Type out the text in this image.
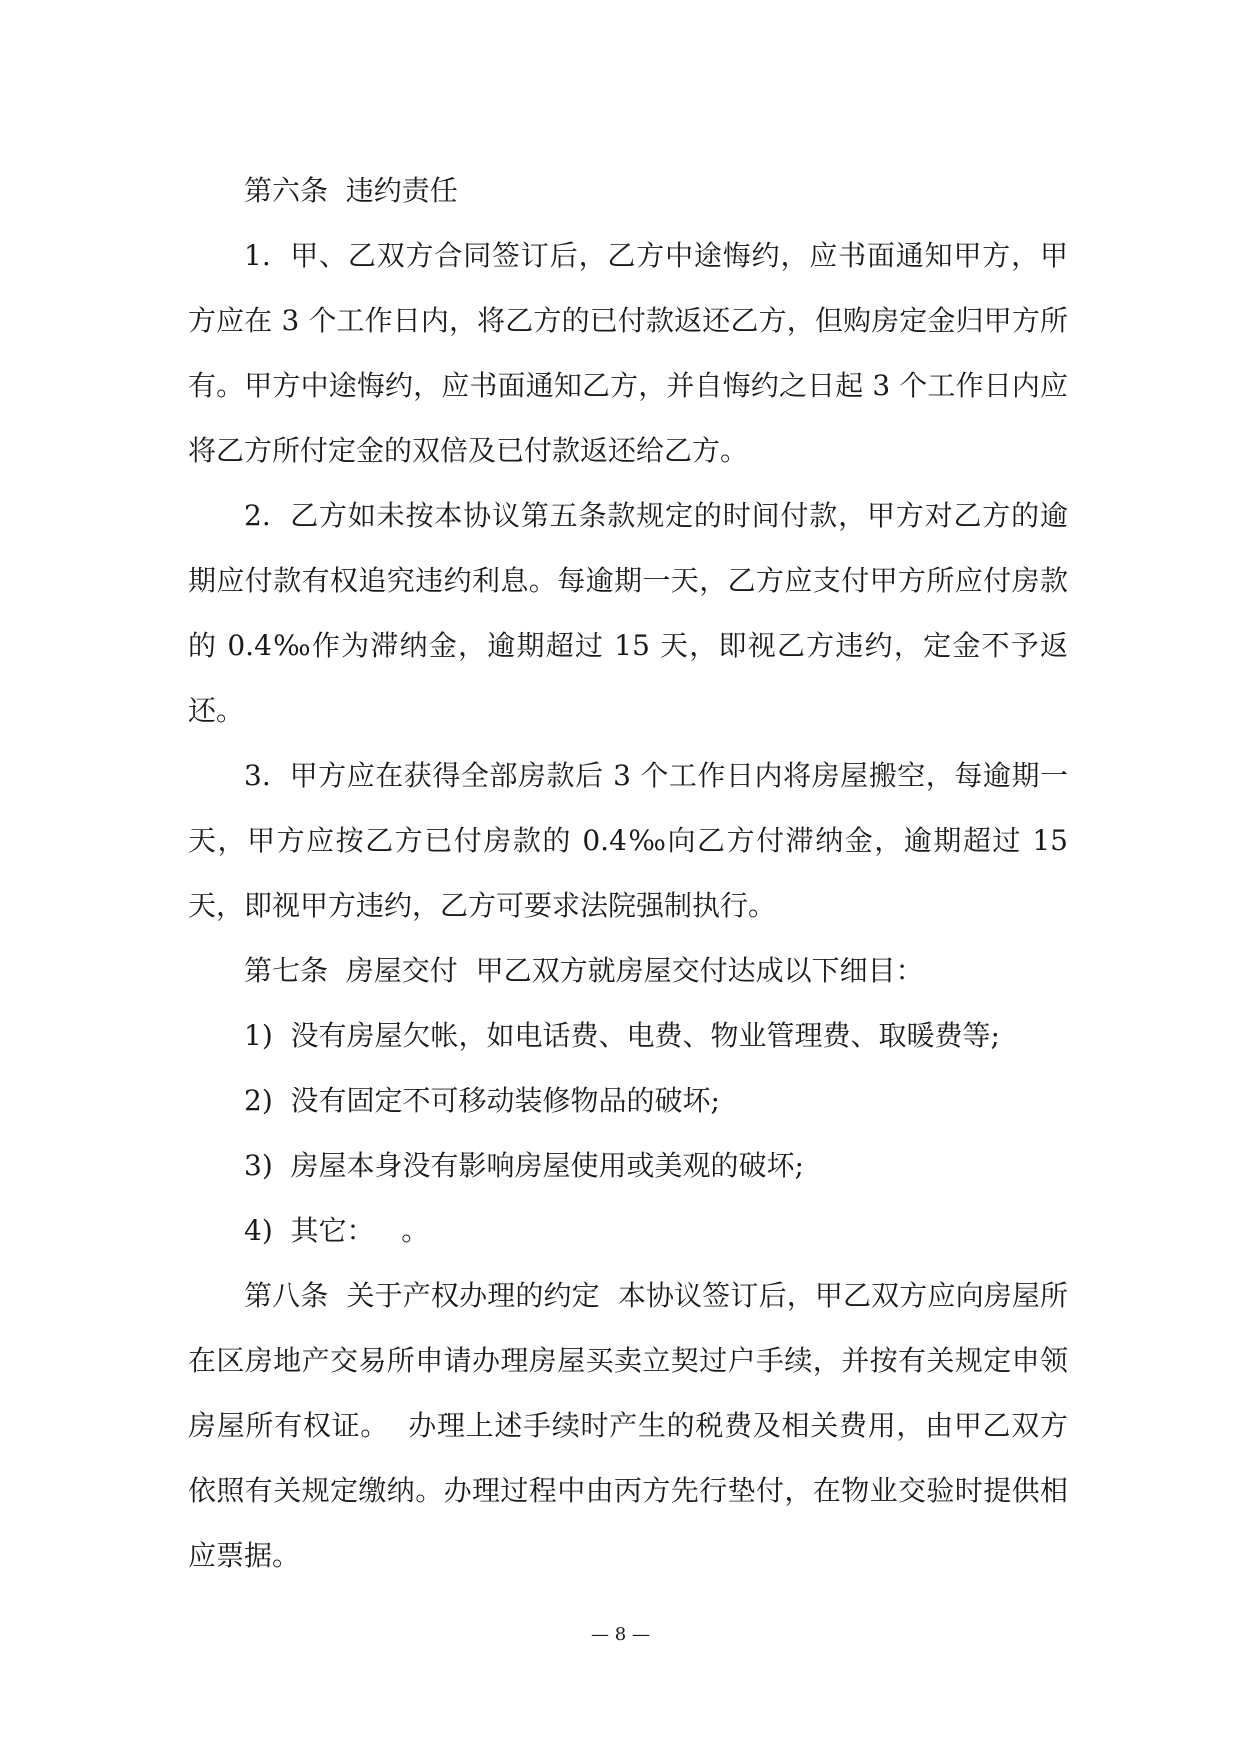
第六条  违约责任

1.  甲、乙双方合同签订后，乙方中途悔约，应书面通知甲方，甲方应在 3 个工作日内，将乙方的已付款返还乙方，但购房定金归甲方所有。甲方中途悔约，应书面通知乙方，并自悔约之日起 3 个工作日内应将乙方所付定金的双倍及已付款返还给乙方。

2.  乙方如未按本协议第五条款规定的时间付款，甲方对乙方的逾期应付款有权追究违约利息。每逾期一天，乙方应支付甲方所应付房款的 0.4‰作为滞纳金，逾期超过 15 天，即视乙方违约，定金不予返还。

3.  甲方应在获得全部房款后 3 个工作日内将房屋搬空，每逾期一天，甲方应按乙方已付房款的 0.4‰向乙方付滞纳金，逾期超过 15 天，即视甲方违约，乙方可要求法院强制执行。

第七条  房屋交付  甲乙双方就房屋交付达成以下细目：

1)  没有房屋欠帐，如电话费、电费、物业管理费、取暖费等;

2)  没有固定不可移动装修物品的破坏;

3)  房屋本身没有影响房屋使用或美观的破坏;

4)  其它：   。

第八条  关于产权办理的约定  本协议签订后，甲乙双方应向房屋所在区房地产交易所申请办理房屋买卖立契过户手续，并按有关规定申领房屋所有权证。  办理上述手续时产生的税费及相关费用，由甲乙双方依照有关规定缴纳。办理过程中由丙方先行垫付，在物业交验时提供相应票据。

— 8 —
